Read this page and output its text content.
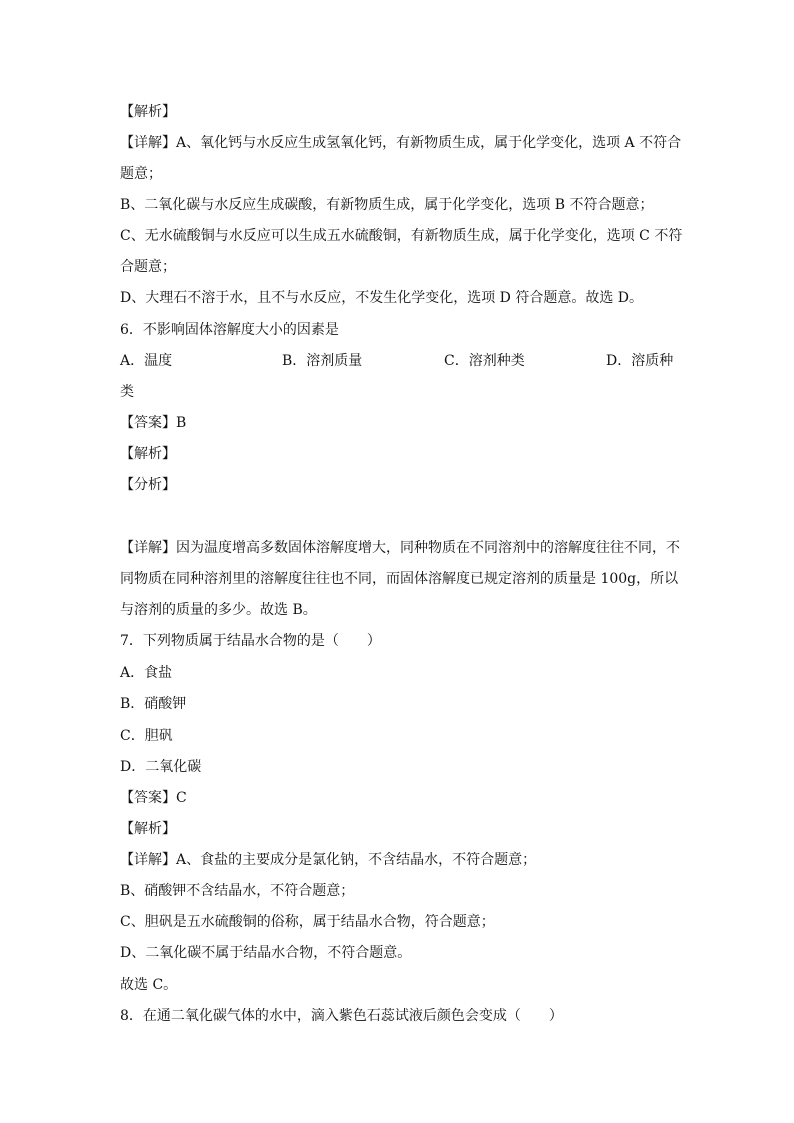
【解析】
【详解】A、氧化钙与水反应生成氢氧化钙，有新物质生成，属于化学变化，选项 A 不符合
题意；
B、二氧化碳与水反应生成碳酸，有新物质生成，属于化学变化，选项 B 不符合题意；
C、无水硫酸铜与水反应可以生成五水硫酸铜，有新物质生成，属于化学变化，选项 C 不符
合题意；
D、大理石不溶于水，且不与水反应，不发生化学变化，选项 D 符合题意。故选 D。
6．不影响固体溶解度大小的因素是
A．温度	B．溶剂质量	C．溶剂种类	D．溶质种
类
【答案】B
【解析】
【分析】
【详解】因为温度增高多数固体溶解度增大，同种物质在不同溶剂中的溶解度往往不同，不
同物质在同种溶剂里的溶解度往往也不同，而固体溶解度已规定溶剂的质量是 100g，所以
与溶剂的质量的多少。故选 B。
7．下列物质属于结晶水合物的是（　　）
A．食盐
B．硝酸钾
C．胆矾
D．二氧化碳
【答案】C
【解析】
【详解】A、食盐的主要成分是氯化钠，不含结晶水，不符合题意；
B、硝酸钾不含结晶水，不符合题意；
C、胆矾是五水硫酸铜的俗称，属于结晶水合物，符合题意；
D、二氧化碳不属于结晶水合物，不符合题意。
故选 C。
8．在通二氧化碳气体的水中，滴入紫色石蕊试液后颜色会变成（　　）
